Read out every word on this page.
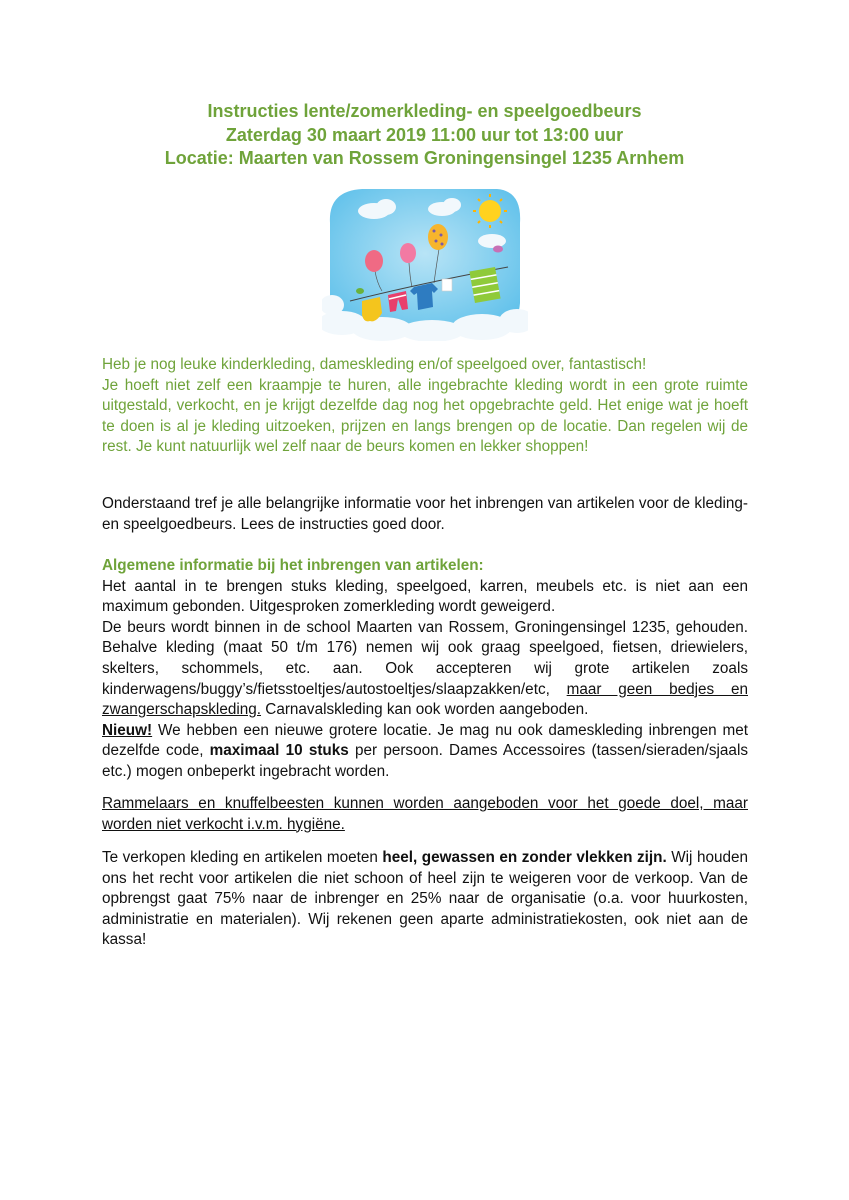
Instructies lente/zomerkleding- en speelgoedbeurs
Zaterdag 30 maart 2019 11:00 uur tot 13:00 uur
Locatie: Maarten van Rossem Groningensingel 1235 Arnhem
Heb je nog leuke kinderkleding, dameskleding en/of speelgoed over, fantastisch!
Je hoeft niet zelf een kraampje te huren, alle ingebrachte kleding wordt in een grote ruimte uitgestald, verkocht, en je krijgt dezelfde dag nog het opgebrachte geld. Het enige wat je hoeft te doen is al je kleding uitzoeken, prijzen en langs brengen op de locatie. Dan regelen wij de rest. Je kunt natuurlijk wel zelf naar de beurs komen en lekker shoppen!
Onderstaand tref je alle belangrijke informatie voor het inbrengen van artikelen voor de kleding- en speelgoedbeurs. Lees de instructies goed door.
Algemene informatie bij het inbrengen van artikelen:
Het aantal in te brengen stuks kleding, speelgoed, karren, meubels etc. is niet aan een maximum gebonden. Uitgesproken zomerkleding wordt geweigerd.
De beurs wordt binnen in de school Maarten van Rossem, Groningensingel 1235, gehouden. Behalve kleding (maat 50 t/m 176) nemen wij ook graag speelgoed, fietsen, driewielers, skelters, schommels, etc. aan. Ook accepteren wij grote artikelen zoals kinderwagens/buggy’s/fietsstoeltjes/autostoeltjes/slaapzakken/etc, maar geen bedjes en zwangerschapskleding. Carnavalskleding kan ook worden aangeboden.
Nieuw! We hebben een nieuwe grotere locatie. Je mag nu ook dameskleding inbrengen met dezelfde code, maximaal 10 stuks per persoon. Dames Accessoires (tassen/sieraden/sjaals etc.) mogen onbeperkt ingebracht worden.
Rammelaars en knuffelbeesten kunnen worden aangeboden voor het goede doel, maar worden niet verkocht i.v.m. hygiëne.
Te verkopen kleding en artikelen moeten heel, gewassen en zonder vlekken zijn. Wij houden ons het recht voor artikelen die niet schoon of heel zijn te weigeren voor de verkoop. Van de opbrengst gaat 75% naar de inbrenger en 25% naar de organisatie (o.a. voor huurkosten, administratie en materialen). Wij rekenen geen aparte administratiekosten, ook niet aan de kassa!
